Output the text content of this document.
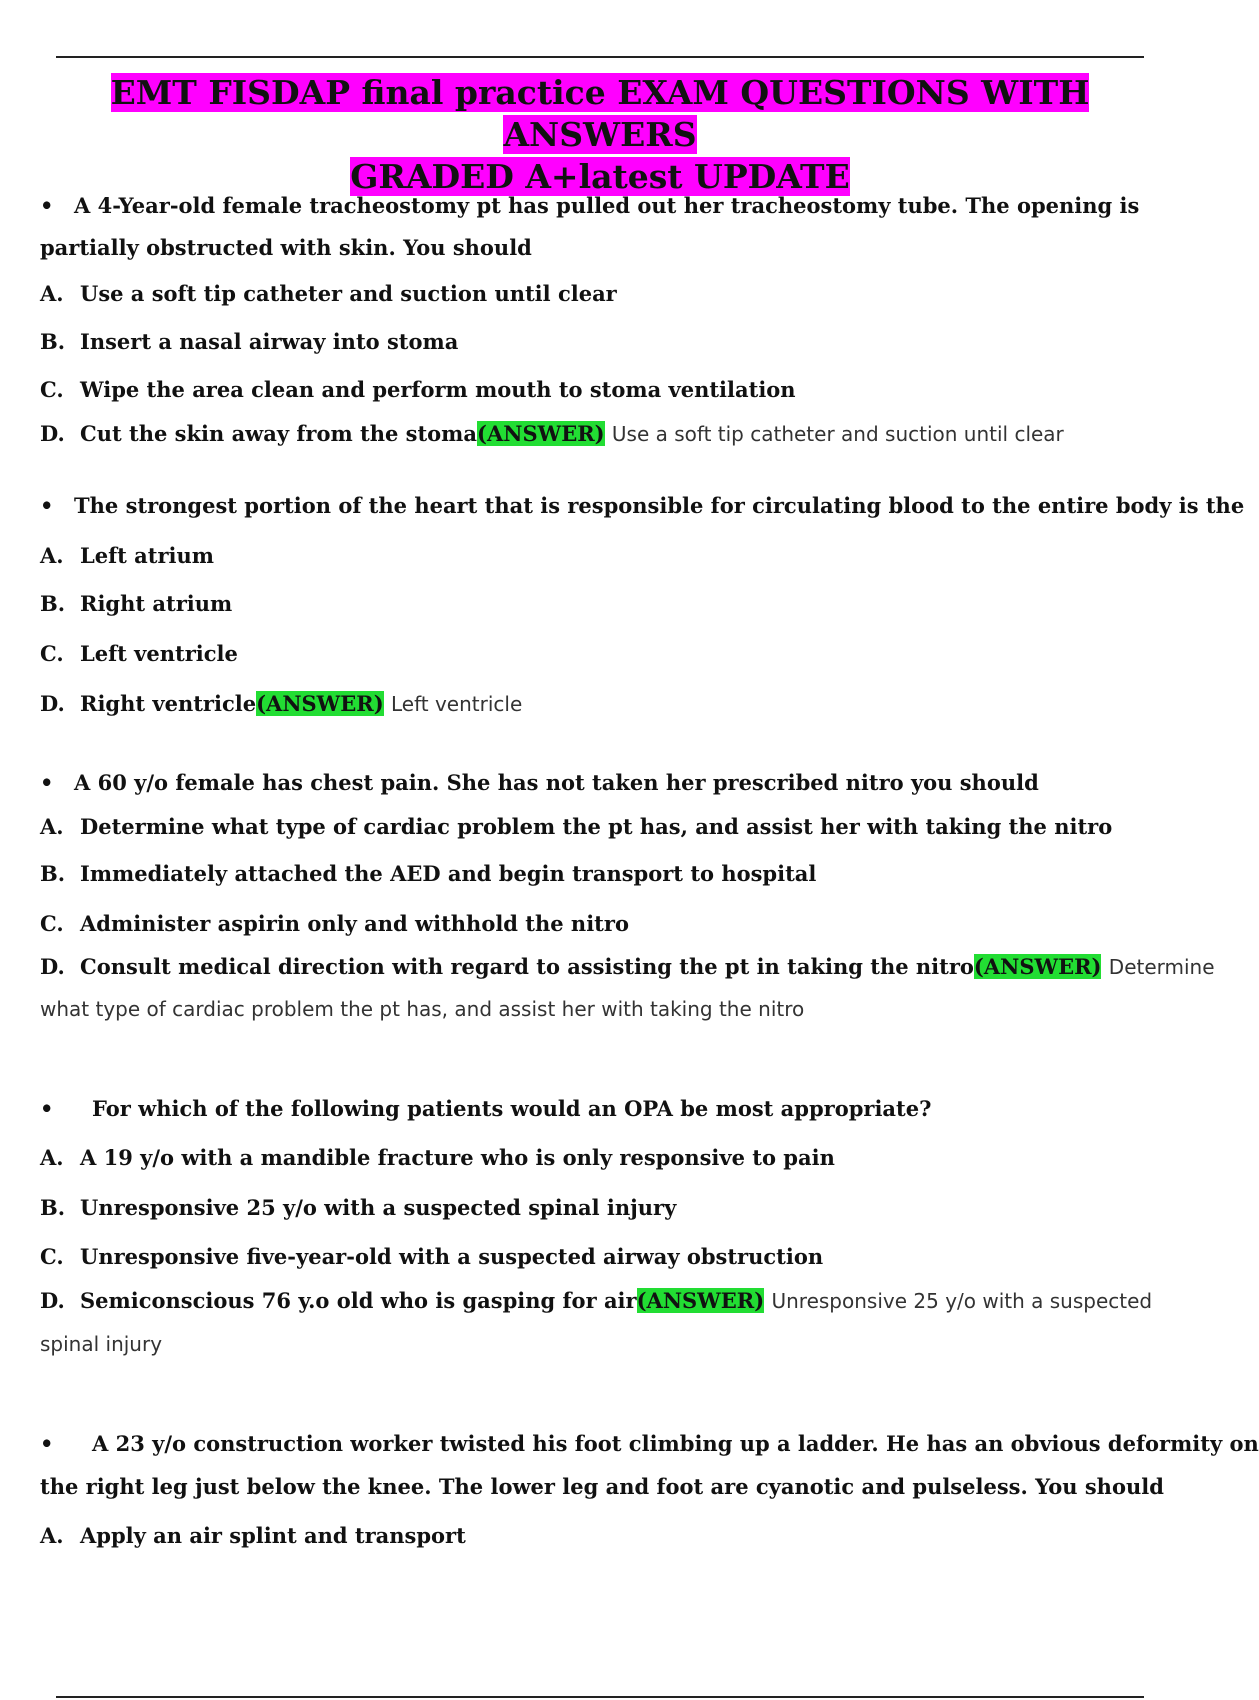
EMT FISDAP final practice EXAM QUESTIONS WITH ANSWERS
GRADED A+latest UPDATE
• A 4-Year-old female tracheostomy pt has pulled out her tracheostomy tube. The opening is
partially obstructed with skin. You should
A. Use a soft tip catheter and suction until clear
B. Insert a nasal airway into stoma
C. Wipe the area clean and perform mouth to stoma ventilation
D. Cut the skin away from the stoma(ANSWER) Use a soft tip catheter and suction until clear
• The strongest portion of the heart that is responsible for circulating blood to the entire body is the
A. Left atrium
B. Right atrium
C. Left ventricle
D. Right ventricle(ANSWER) Left ventricle
• A 60 y/o female has chest pain. She has not taken her prescribed nitro you should
A. Determine what type of cardiac problem the pt has, and assist her with taking the nitro
B. Immediately attached the AED and begin transport to hospital
C. Administer aspirin only and withhold the nitro
D. Consult medical direction with regard to assisting the pt in taking the nitro(ANSWER) Determine
what type of cardiac problem the pt has, and assist her with taking the nitro
• For which of the following patients would an OPA be most appropriate?
A. A 19 y/o with a mandible fracture who is only responsive to pain
B. Unresponsive 25 y/o with a suspected spinal injury
C. Unresponsive five-year-old with a suspected airway obstruction
D. Semiconscious 76 y.o old who is gasping for air(ANSWER) Unresponsive 25 y/o with a suspected
spinal injury
• A 23 y/o construction worker twisted his foot climbing up a ladder. He has an obvious deformity on
the right leg just below the knee. The lower leg and foot are cyanotic and pulseless. You should
A. Apply an air splint and transport
